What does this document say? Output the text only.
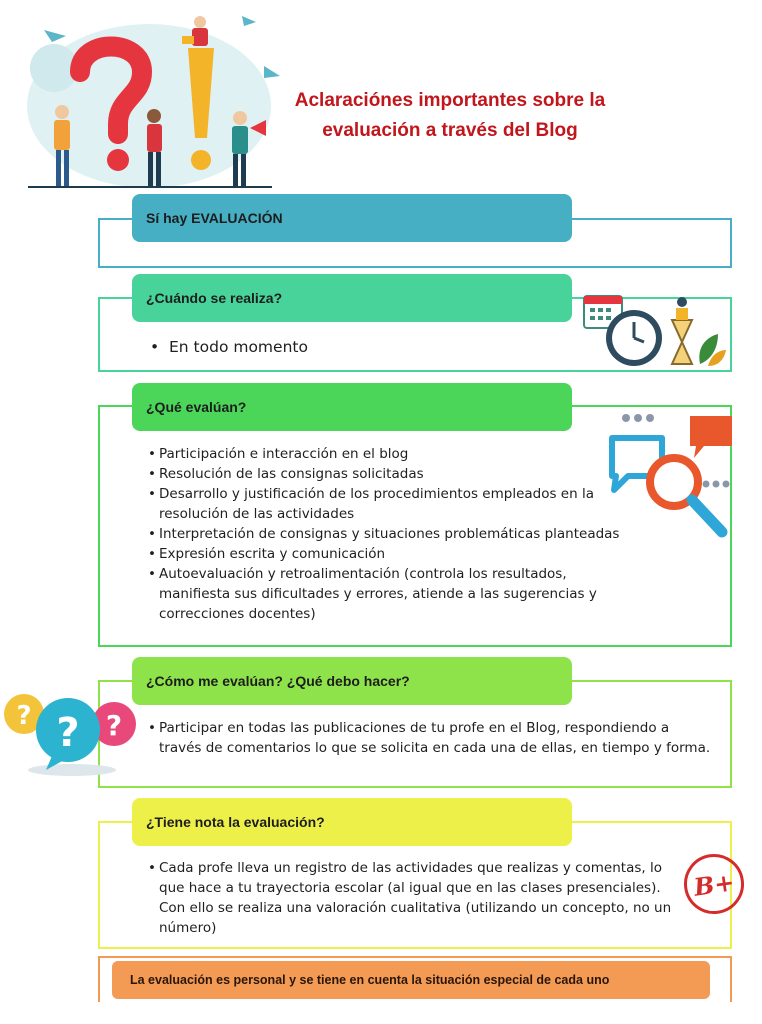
Aclaraciónes importantes sobre la evaluación a través del Blog
Sí hay EVALUACIÓN
¿Cuándo se realiza?
•  En todo momento
¿Qué evalúan?
• Participación e interacción en el blog
• Resolución de las consignas solicitadas
• Desarrollo y justificación de los procedimientos empleados en la resolución de las actividades
• Interpretación de consignas y situaciones problemáticas planteadas
• Expresión escrita y comunicación
• Autoevaluación y retroalimentación (controla los resultados, manifiesta sus dificultades y errores, atiende a las sugerencias y correcciones docentes)
¿Cómo me evalúan? ¿Qué debo hacer?
• Participar en todas las publicaciones de tu profe en el Blog, respondiendo a través de comentarios lo que se solicita en cada una de ellas, en tiempo y forma.
?	?
?
¿Tiene nota la evaluación?
• Cada profe lleva un registro de las actividades que realizas y comentas, lo que hace a tu trayectoria escolar (al igual que en las clases presenciales). Con ello se realiza una valoración cualitativa (utilizando un concepto, no un número)
B+
La evaluación es personal y se tiene en cuenta la situación especial de cada uno
